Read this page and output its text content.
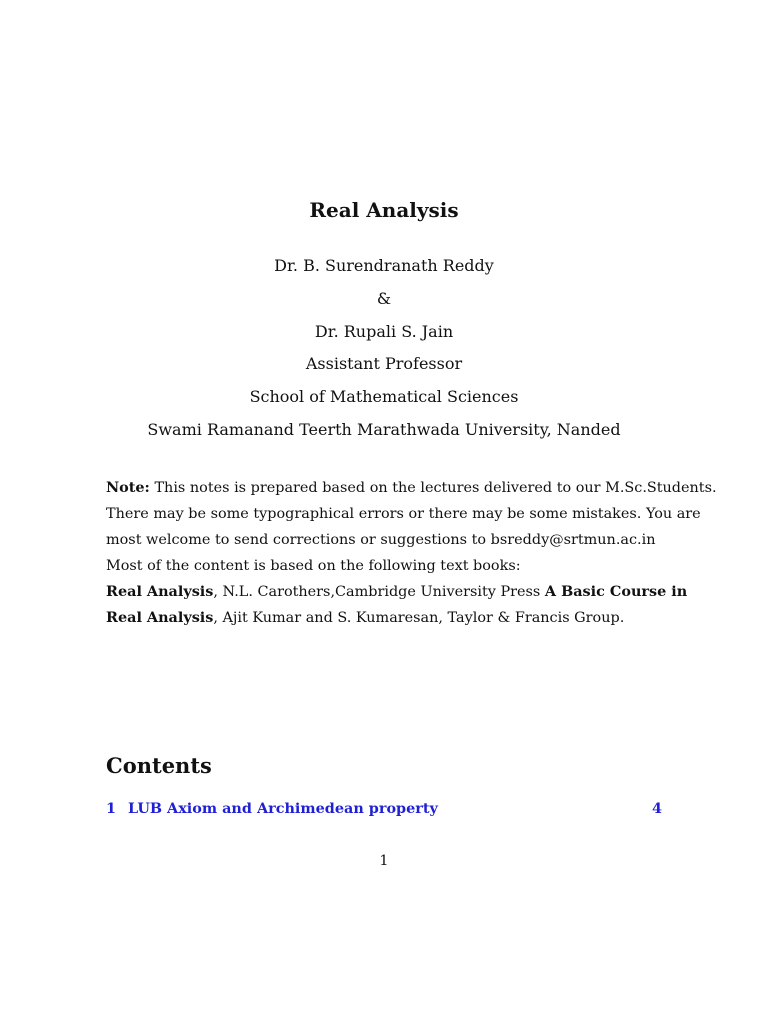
Real Analysis
Dr. B. Surendranath Reddy
&
Dr. Rupali S. Jain
Assistant Professor
School of Mathematical Sciences
Swami Ramanand Teerth Marathwada University, Nanded
Note: This notes is prepared based on the lectures delivered to our M.Sc.Students.
There may be some typographical errors or there may be some mistakes. You are
most welcome to send corrections or suggestions to bsreddy@srtmun.ac.in
Most of the content is based on the following text books:
Real Analysis, N.L. Carothers,Cambridge University Press A Basic Course in
Real Analysis, Ajit Kumar and S. Kumaresan, Taylor & Francis Group.
Contents
1 LUB Axiom and Archimedean property	4
1
